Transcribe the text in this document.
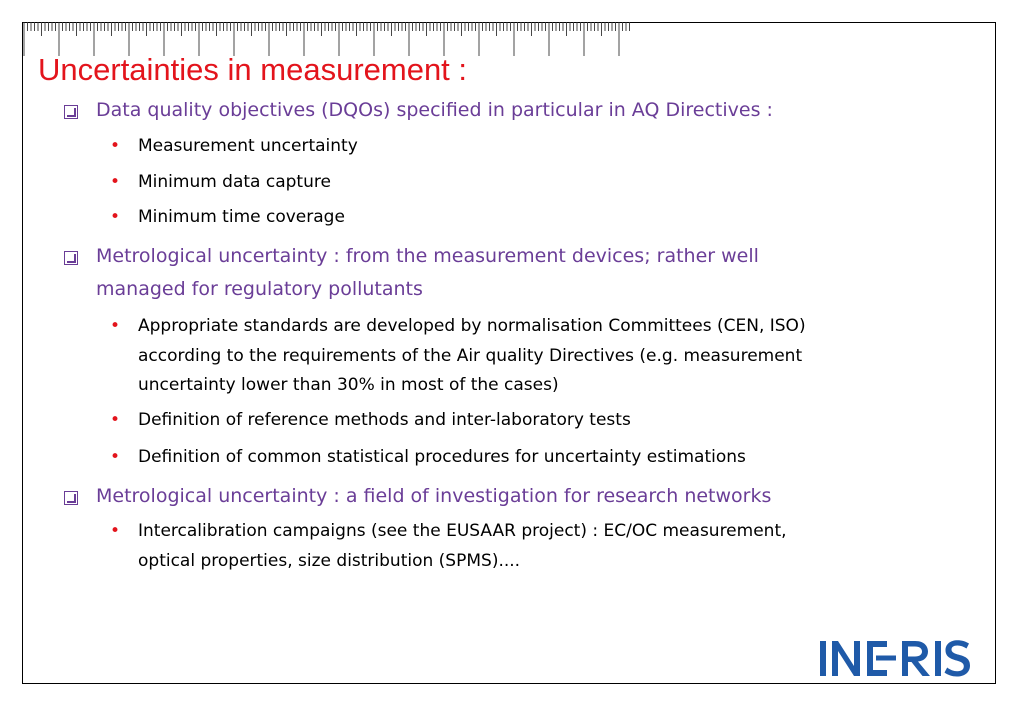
Uncertainties in measurement :
Data quality objectives (DQOs) specified in particular in AQ Directives :
• Measurement uncertainty
• Minimum data capture
• Minimum time coverage
Metrological uncertainty : from the measurement devices; rather well
managed for regulatory pollutants
• Appropriate standards are developed by normalisation Committees (CEN, ISO)
according to the requirements of the Air quality Directives (e.g. measurement
uncertainty lower than 30% in most of the cases)
• Definition of reference methods and inter-laboratory tests
• Definition of common statistical procedures for uncertainty estimations
Metrological uncertainty : a field of investigation for research networks
• Intercalibration campaigns (see the EUSAAR project) : EC/OC measurement,
optical properties, size distribution (SPMS)....
